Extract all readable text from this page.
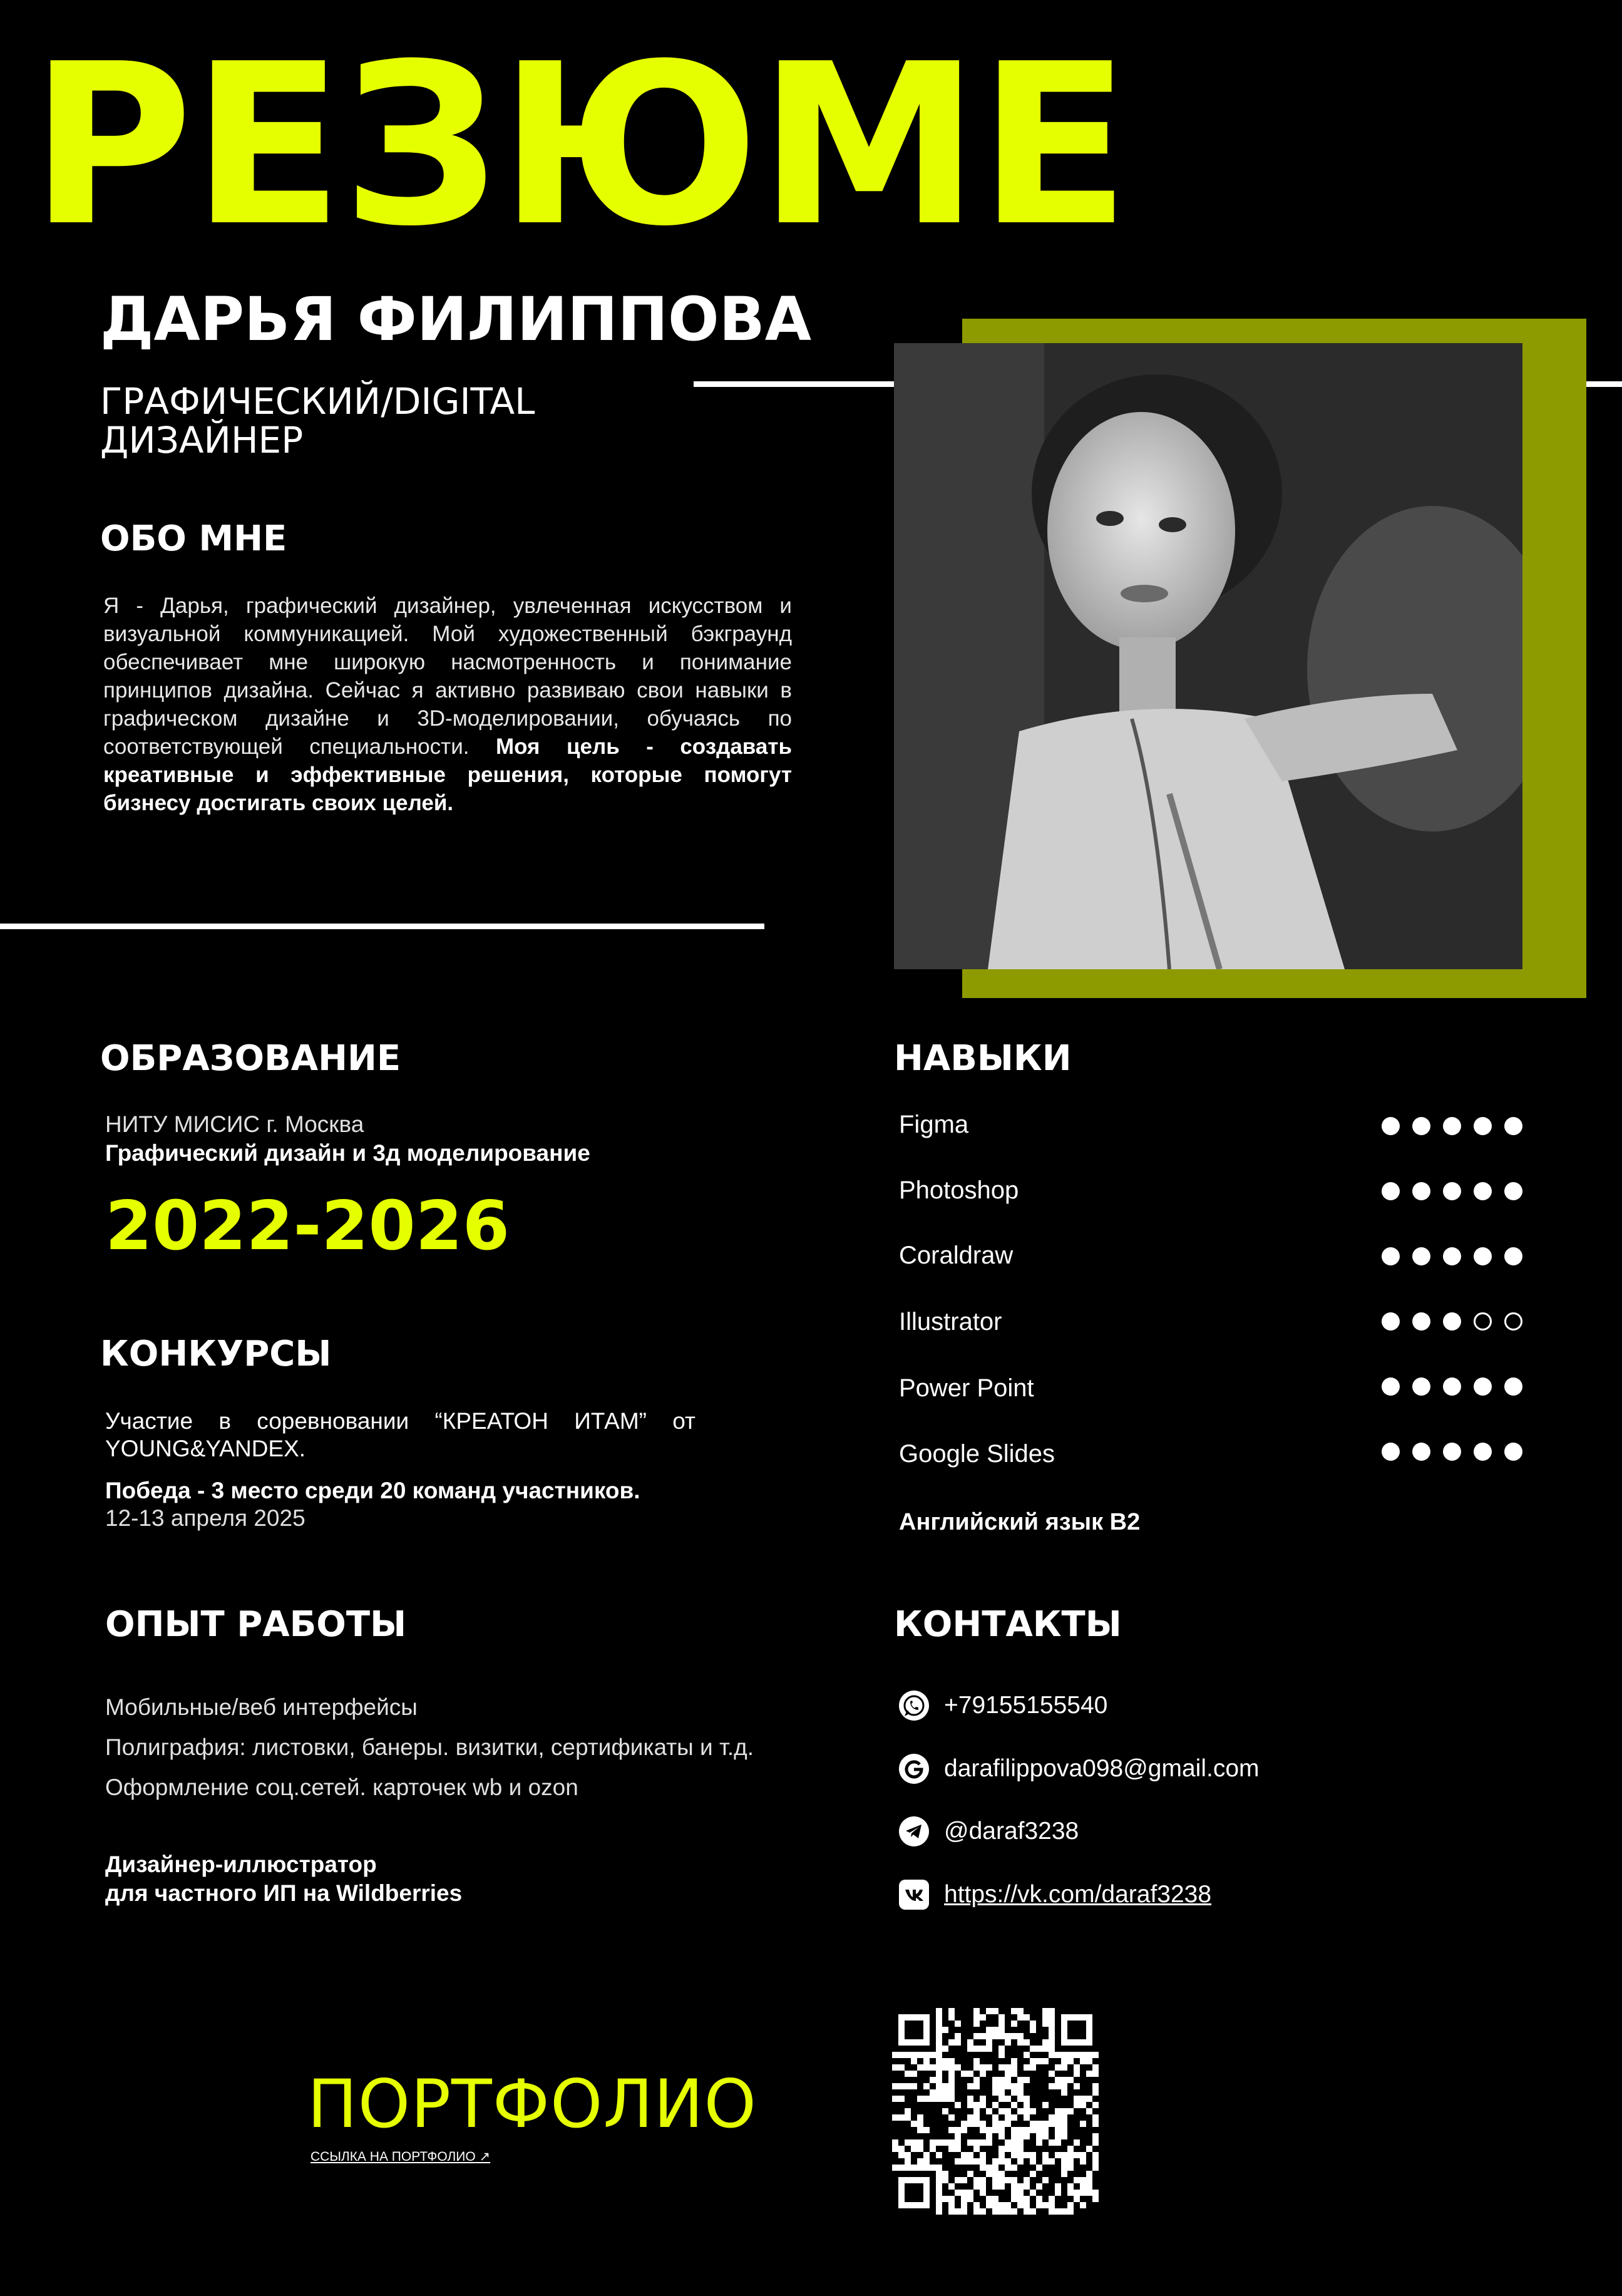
РЕЗЮМЕ
ДАРЬЯ ФИЛИППОВА
ГРАФИЧЕСКИЙ/DIGITAL
ДИЗАЙНЕР
ОБО МНЕ
Я - Дарья, графический дизайнер, увлеченная искусством и визуальной коммуникацией. Мой художественный бэкграунд обеспечивает мне широкую насмотренность и понимание принципов дизайна. Сейчас я активно развиваю свои навыки в графическом дизайне и 3D-моделировании, обучаясь по соответствующей специальности. Моя цель - создавать креативные и эффективные решения, которые помогут бизнесу достигать своих целей.
ОБРАЗОВАНИЕ
НИТУ МИСИС г. Москва
Графический дизайн и 3д моделирование
2022-2026
КОНКУРСЫ
Участие в соревновании “КРЕАТОН ИТАМ” от YOUNG&YANDEX.
Победа - 3 место среди 20 команд участников.
12-13 апреля 2025
ОПЫТ РАБОТЫ
Мобильные/веб интерфейсы
Полиграфия: листовки, банеры. визитки, сертификаты и т.д.
Оформление соц.сетей. карточек wb и ozon
Дизайнер-иллюстратор
для частного ИП на Wildberries
НАВЫКИ
Figma
Photoshop
Coraldraw
Illustrator
Power Point
Google Slides
Английский язык B2
КОНТАКТЫ
+79155155540
darafilippova098@gmail.com
@daraf3238
https://vk.com/daraf3238
ПОРТФОЛИО
ССЫЛКА НА ПОРТФОЛИО ↗
